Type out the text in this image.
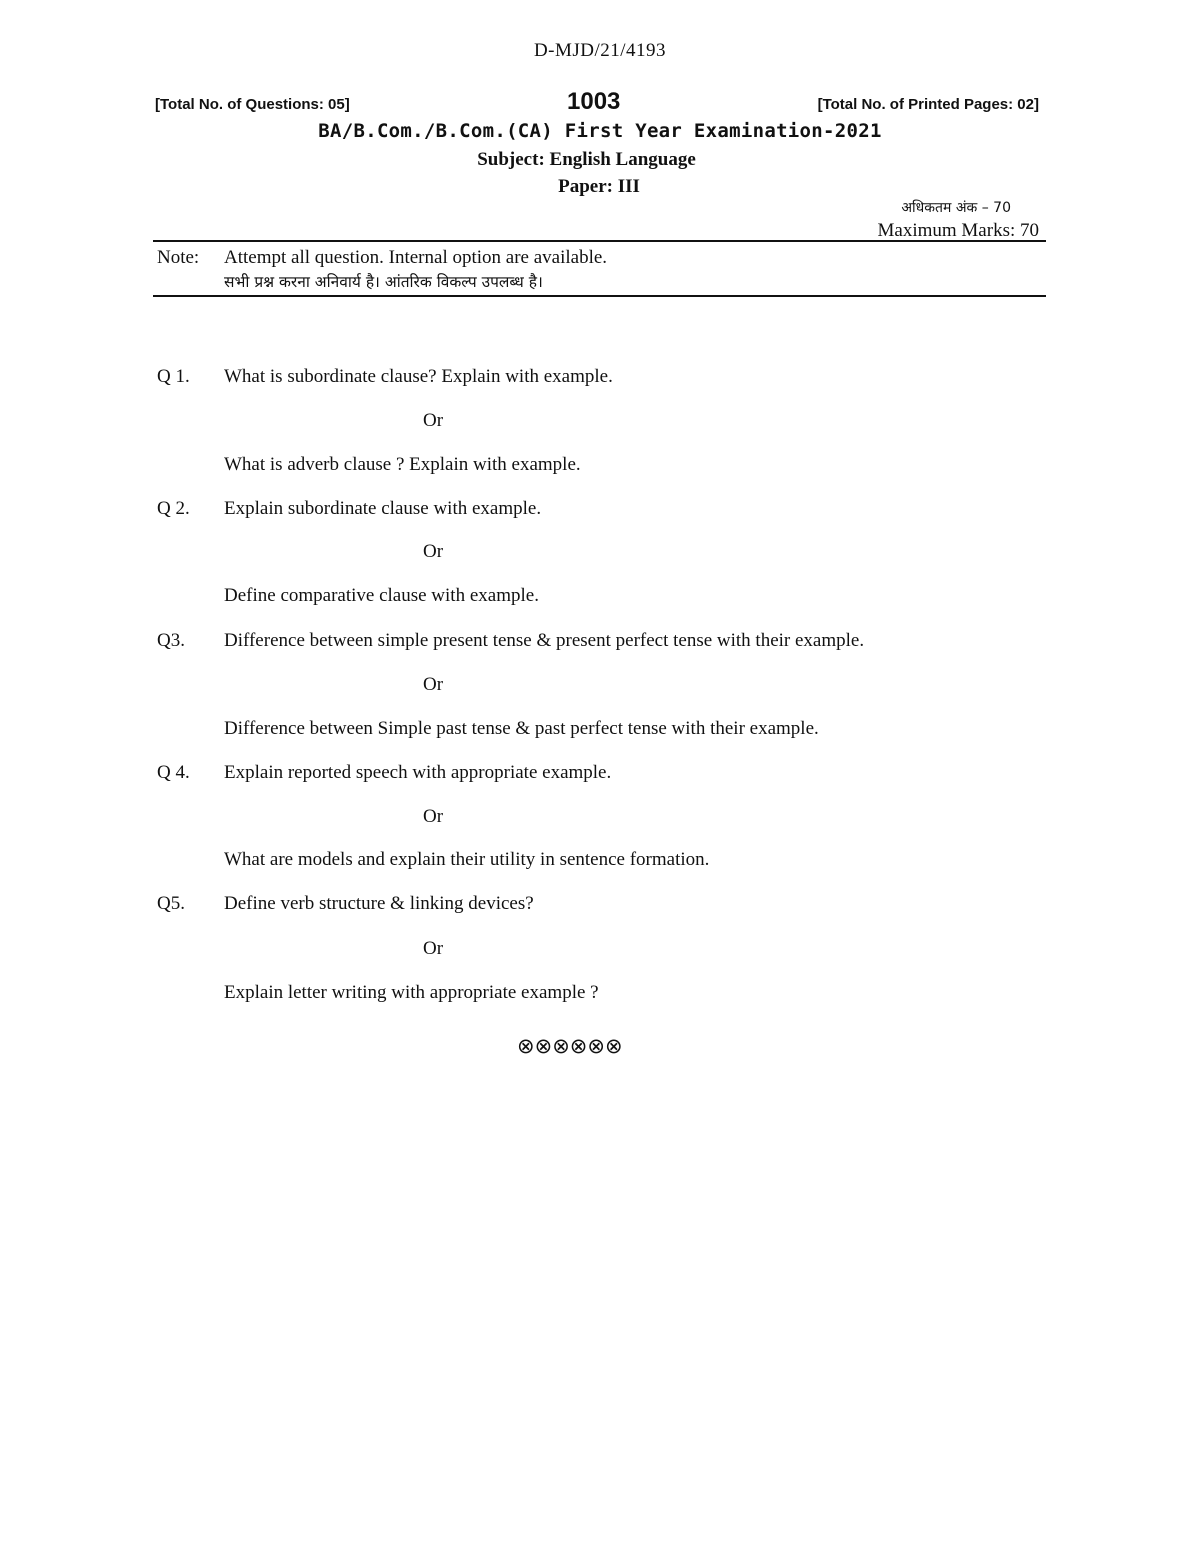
D-MJD/21/4193
[Total No. of Questions: 05]	1003	[Total No. of Printed Pages: 02]
BA/B.Com./B.Com.(CA) First Year Examination-2021
Subject: English Language
Paper: III
अधिकतम अंक – 70
Maximum Marks: 70
Note: Attempt all question. Internal option are available.
सभी प्रश्न करना अनिवार्य है। आंतरिक विकल्प उपलब्ध है।
Q 1. What is subordinate clause? Explain with example.
Or
What is adverb clause ? Explain with example.
Q 2. Explain subordinate clause with example.
Or
Define comparative clause with example.
Q3. Difference between simple present tense & present perfect tense with their example.
Or
Difference between Simple past tense & past perfect tense with their example.
Q 4. Explain reported speech with appropriate example.
Or
What are models and explain their utility in sentence formation.
Q5. Define verb structure & linking devices?
Or
Explain letter writing with appropriate example ?
⊗⊗⊗⊗⊗⊗
